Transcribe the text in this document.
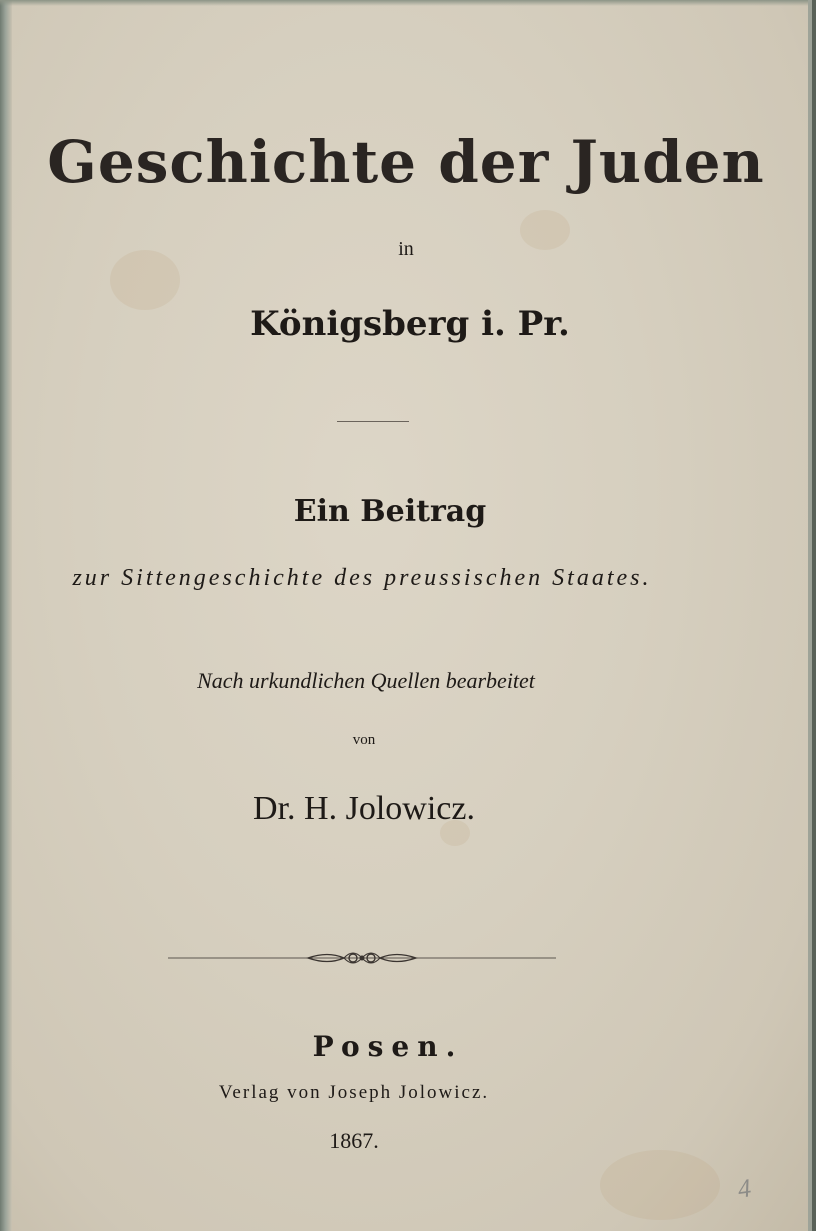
Geschichte der Juden
in
Königsberg i. Pr.
Ein Beitrag
zur Sittengeschichte des preussischen Staates.
Nach urkundlichen Quellen bearbeitet
von
Dr. H. Jolowicz.
Posen.
Verlag von Joseph Jolowicz.
1867.
4
